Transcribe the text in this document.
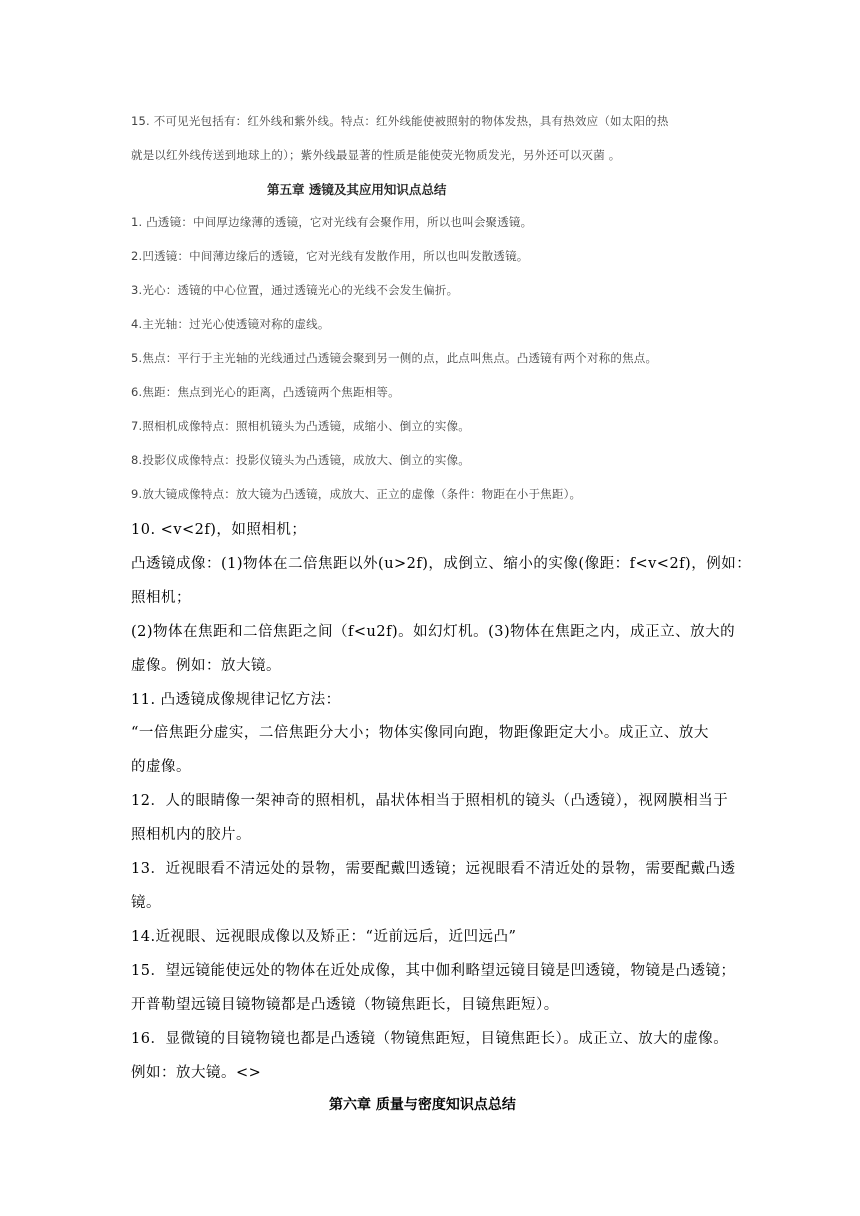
15. 不可见光包括有：红外线和紫外线。特点：红外线能使被照射的物体发热，具有热效应（如太阳的热
就是以红外线传送到地球上的）；紫外线最显著的性质是能使荧光物质发光，另外还可以灭菌 。
第五章 透镜及其应用知识点总结
1. 凸透镜：中间厚边缘薄的透镜，它对光线有会聚作用，所以也叫会聚透镜。
2.凹透镜：中间薄边缘后的透镜，它对光线有发散作用，所以也叫发散透镜。
3.光心：透镜的中心位置，通过透镜光心的光线不会发生偏折。
4.主光轴：过光心使透镜对称的虚线。
5.焦点：平行于主光轴的光线通过凸透镜会聚到另一侧的点，此点叫焦点。凸透镜有两个对称的焦点。
6.焦距：焦点到光心的距离，凸透镜两个焦距相等。
7.照相机成像特点：照相机镜头为凸透镜，成缩小、倒立的实像。
8.投影仪成像特点：投影仪镜头为凸透镜，成放大、倒立的实像。
9.放大镜成像特点：放大镜为凸透镜，成放大、正立的虚像（条件：物距在小于焦距）。
10. <v<2f)，如照相机；
凸透镜成像：(1)物体在二倍焦距以外(u>2f)，成倒立、缩小的实像(像距：f<v<2f)，例如：
照相机；
(2)物体在焦距和二倍焦距之间（f<u2f)。如幻灯机。(3)物体在焦距之内，成正立、放大的
虚像。例如：放大镜。
11. 凸透镜成像规律记忆方法：
“一倍焦距分虚实，二倍焦距分大小；物体实像同向跑，物距像距定大小。成正立、放大
的虚像。
12．人的眼睛像一架神奇的照相机，晶状体相当于照相机的镜头（凸透镜），视网膜相当于
照相机内的胶片。
13．近视眼看不清远处的景物，需要配戴凹透镜；远视眼看不清近处的景物，需要配戴凸透
镜。
14.近视眼、远视眼成像以及矫正：“近前远后，近凹远凸”
15．望远镜能使远处的物体在近处成像，其中伽利略望远镜目镜是凹透镜，物镜是凸透镜；
开普勒望远镜目镜物镜都是凸透镜（物镜焦距长，目镜焦距短）。
16．显微镜的目镜物镜也都是凸透镜（物镜焦距短，目镜焦距长）。成正立、放大的虚像。
例如：放大镜。<>
第六章 质量与密度知识点总结
